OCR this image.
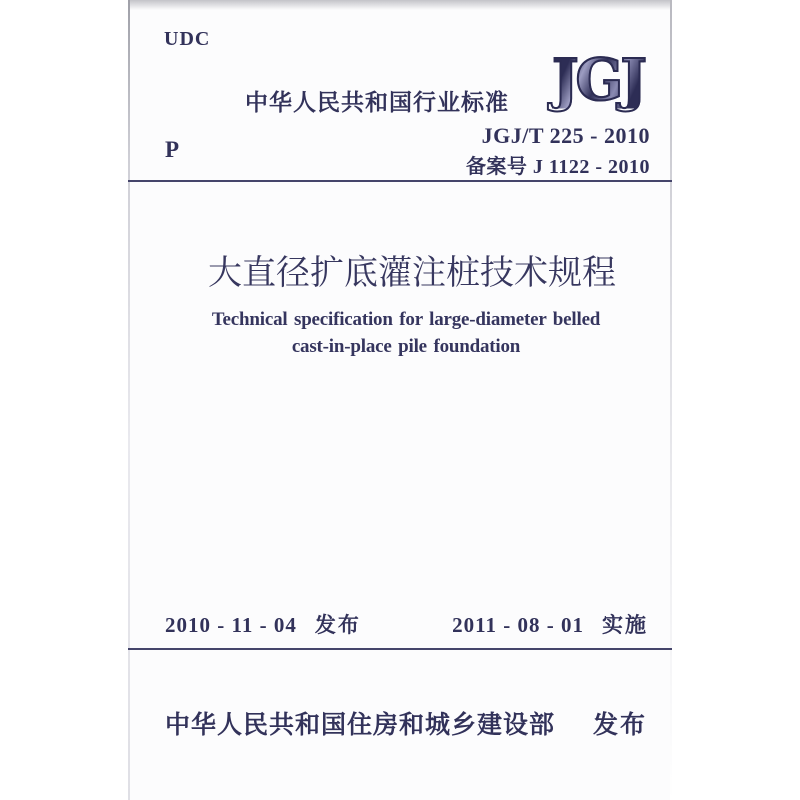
UDC
中华人民共和国行业标准 JGJ
JGJ/T 225 - 2010
备案号 J 1122 - 2010
P
大直径扩底灌注桩技术规程
Technical specification for large-diameter belled
cast-in-place pile foundation
2010 - 11 - 04 发布	2011 - 08 - 01 实施
中华人民共和国住房和城乡建设部 发布
